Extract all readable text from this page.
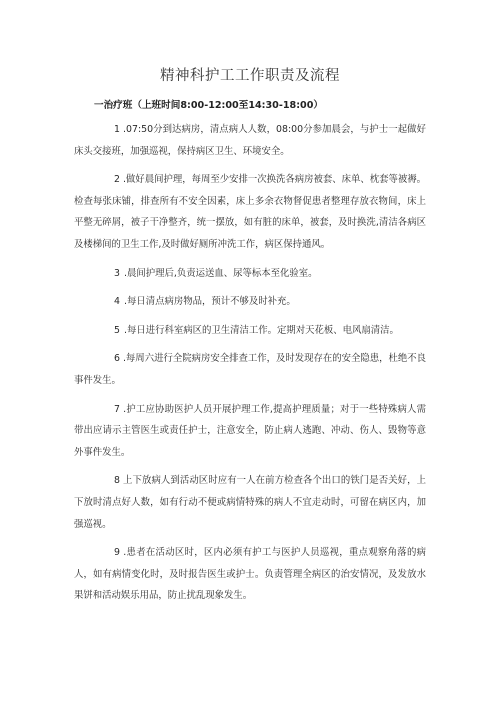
精神科护工工作职责及流程
一治疗班（上班时间8:00-12:00至14:30-18:00）

1 .07:50分到达病房，清点病人人数，08:00分参加晨会，与护士一起做好床头交接班，加强巡视，保持病区卫生、环境安全。

2 .做好晨间护理，每周至少安排一次换洗各病房被套、床单、枕套等被褥。检查每张床铺，排查所有不安全因素，床上多余衣物督促患者整理存放衣物间，床上平整无碎屑，被子干净整齐，统一摆放，如有脏的床单，被套，及时换洗,清洁各病区及楼梯间的卫生工作,及时做好厕所冲洗工作，病区保持通风。

3 .晨间护理后,负责运送血、尿等标本至化验室。

4 .每日清点病房物品，预计不够及时补充。

5 .每日进行科室病区的卫生清洁工作。定期对天花板、电风扇清洁。

6 .每周六进行全院病房安全排查工作，及时发现存在的安全隐患，杜绝不良事件发生。

7 .护工应协助医护人员开展护理工作,提高护理质量；对于一些特殊病人需带出应请示主管医生或责任护士，注意安全，防止病人逃跑、冲动、伤人、毁物等意外事件发生。

8 上下放病人到活动区时应有一人在前方检查各个出口的铁门是否关好，上下放时清点好人数，如有行动不便或病情特殊的病人不宜走动时，可留在病区内，加强巡视。

9 .患者在活动区时，区内必须有护工与医护人员巡视，重点观察角落的病人，如有病情变化时，及时报告医生或护士。负责管理全病区的治安情况，及发放水果饼和活动娱乐用品，防止扰乱现象发生。
